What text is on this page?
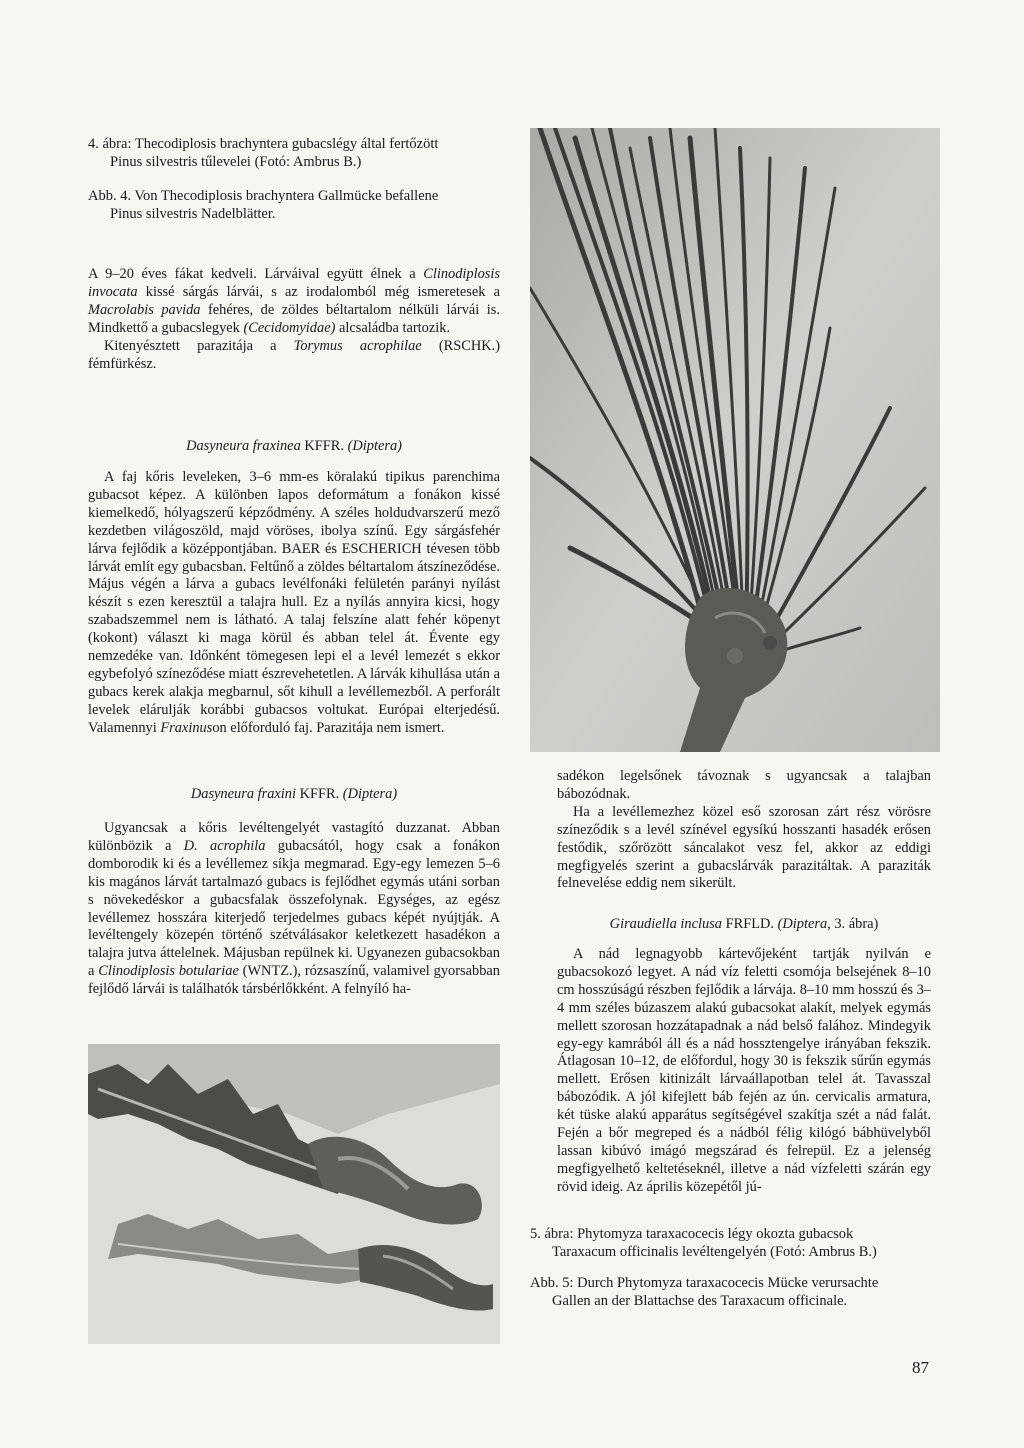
4. ábra: Thecodiplosis brachyntera gubacslégy által fertőzött
Pinus silvestris tűlevelei (Fotó: Ambrus B.)
Abb. 4. Von Thecodiplosis brachyntera Gallmücke befallene
Pinus silvestris Nadelblätter.

A 9–20 éves fákat kedveli. Lárváival együtt élnek a Clinodiplosis invocata kissé sárgás lárvái, s az irodalomból még ismeretesek a Macrolabis pavida fehéres, de zöldes béltartalom nélküli lárvái is. Mindkettő a gubacslegyek (Cecidomyidae) alcsaládba tartozik.

Kitenyésztett parazitája a Torymus acrophilae (RSCHK.) fémfürkész.

Dasyneura fraxinea KFFR. (Diptera)

A faj kőris leveleken, 3–6 mm-es köralakú tipikus parenchima gubacsot képez. A különben lapos deformátum a fonákon kissé kiemelkedő, hólyagszerű képződmény. A széles holdudvarszerű mező kezdetben világoszöld, majd vöröses, ibolya színű. Egy sárgásfehér lárva fejlődik a középpontjában. BAER és ESCHERICH tévesen több lárvát említ egy gubacsban. Feltűnő a zöldes béltartalom átszíneződése. Május végén a lárva a gubacs levélfonáki felületén parányi nyílást készít s ezen keresztül a talajra hull. Ez a nyílás annyira kicsi, hogy szabadszemmel nem is látható. A talaj felszíne alatt fehér köpenyt (kokont) választ ki maga körül és abban telel át. Évente egy nemzedéke van. Időnként tömegesen lepi el a levél lemezét s ekkor egybefolyó színeződése miatt észrevehetetlen. A lárvák kihullása után a gubacs kerek alakja megbarnul, sőt kihull a levéllemezből. A perforált levelek elárulják korábbi gubacsos voltukat. Európai elterjedésű. Valamennyi Fraxinuson előforduló faj. Parazitája nem ismert.

Dasyneura fraxini KFFR. (Diptera)

Ugyancsak a kőris levéltengelyét vastagító duzzanat. Abban különbözik a D. acrophila gubacsától, hogy csak a fonákon domborodik ki és a levéllemez síkja megmarad. Egy-egy lemezen 5–6 kis magános lárvát tartalmazó gubacs is fejlődhet egymás utáni sorban s növekedéskor a gubacsfalak összefolynak. Egységes, az egész levéllemez hosszára kiterjedő terjedelmes gubacs képét nyújtják. A levéltengely közepén történő szétválásakor keletkezett hasadékon a talajra jutva áttelelnek. Májusban repülnek ki. Ugyanezen gubacsokban a Clinodiplosis botulariae (WNTZ.), rózsaszínű, valamivel gyorsabban fejlődő lárvái is találhatók társbérlőkként. A felnyíló ha-

sadékon legelsőnek távoznak s ugyancsak a talajban bábozódnak.

Ha a levéllemezhez közel eső szorosan zárt rész vörösre színeződik s a levél színével egysíkú hosszanti hasadék erősen festődik, szőrözött sáncalakot vesz fel, akkor az eddigi megfigyelés szerint a gubacslárvák parazitáltak. A paraziták felnevelése eddig nem sikerült.

Giraudiella inclusa FRFLD. (Diptera, 3. ábra)

A nád legnagyobb kártevőjeként tartják nyilván e gubacsokozó legyet. A nád víz feletti csomója belsejének 8–10 cm hosszúságú részben fejlődik a lárvája. 8–10 mm hosszú és 3–4 mm széles búzaszem alakú gubacsokat alakít, melyek egymás mellett szorosan hozzátapadnak a nád belső falához. Mindegyik egy-egy kamrából áll és a nád hossztengelye irányában fekszik. Átlagosan 10–12, de előfordul, hogy 30 is fekszik sűrűn egymás mellett. Erősen kitinizált lárvaállapotban telel át. Tavasszal bábozódik. A jól kifejlett báb fején az ún. cervicalis armatura, két tüske alakú apparátus segítségével szakítja szét a nád falát. Fején a bőr megreped és a nádból félig kilógó bábhüvelyből lassan kibúvó imágó megszárad és felrepül. Ez a jelenség megfigyelhető keltetéseknél, illetve a nád vízfeletti szárán egy rövid ideig. Az április közepétől jú-

5. ábra: Phytomyza taraxacocecis légy okozta gubacsok
Taraxacum officinalis levéltengelyén (Fotó: Ambrus B.)
Abb. 5: Durch Phytomyza taraxacocecis Mücke verursachte
Gallen an der Blattachse des Taraxacum officinale.
87
